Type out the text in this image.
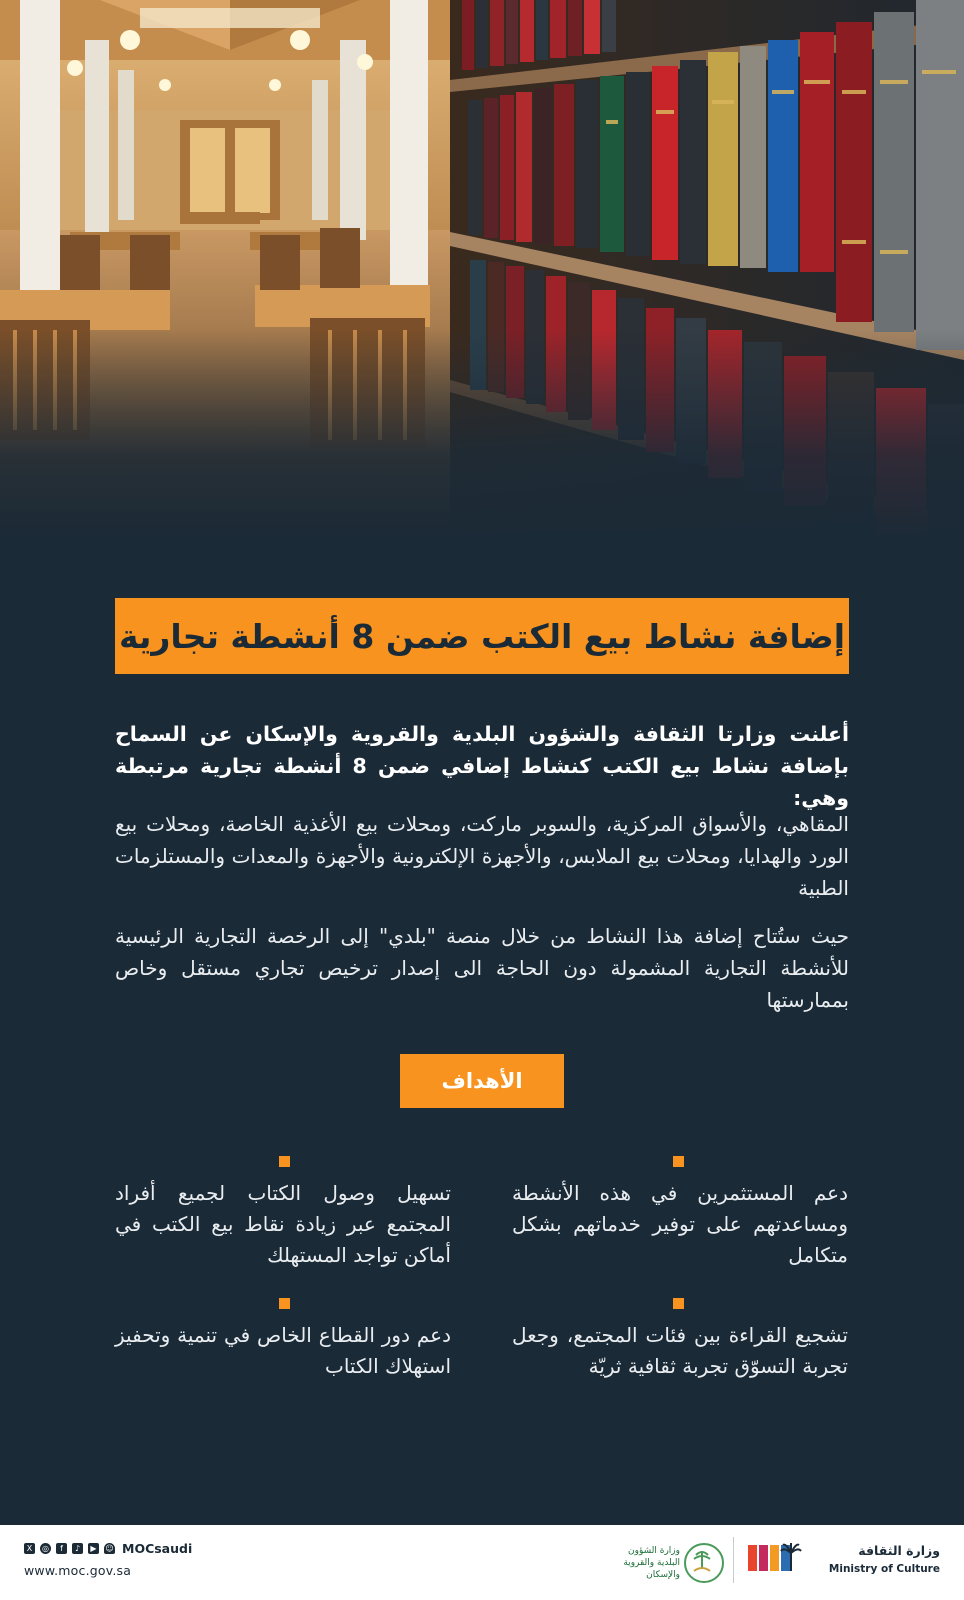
إضافة نشاط بيع الكتب ضمن 8 أنشطة تجارية
أعلنت وزارتا الثقافة والشؤون البلدية والقروية والإسكان عن السماح بإضافة نشاط بيع الكتب كنشاط إضافي ضمن 8 أنشطة تجارية مرتبطة وهي:
المقاهي، والأسواق المركزية، والسوبر ماركت، ومحلات بيع الأغذية الخاصة، ومحلات بيع الورد والهدايا، ومحلات بيع الملابس، والأجهزة الإلكترونية والأجهزة والمعدات والمستلزمات الطبية
حيث ستُتاح إضافة هذا النشاط من خلال منصة "بلدي" إلى الرخصة التجارية الرئيسية للأنشطة التجارية المشمولة دون الحاجة الى إصدار ترخيص تجاري مستقل وخاص بممارستها
الأهداف
دعم المستثمرين في هذه الأنشطة ومساعدتهم على توفير خدماتهم بشكل متكامل
تسهيل وصول الكتاب لجميع أفراد المجتمع عبر زيادة نقاط بيع الكتب في أماكن تواجد المستهلك
تشجيع القراءة بين فئات المجتمع، وجعل تجربة التسوّق تجربة ثقافية ثريّة
دعم دور القطاع الخاص في تنمية وتحفيز استهلاك الكتاب
X	◎	f	♪	▶	☺ MOCsaudi
www.moc.gov.sa
وزارة الشؤون البلدية والقروية والإسكان
وزارة الثقافة
Ministry of Culture
